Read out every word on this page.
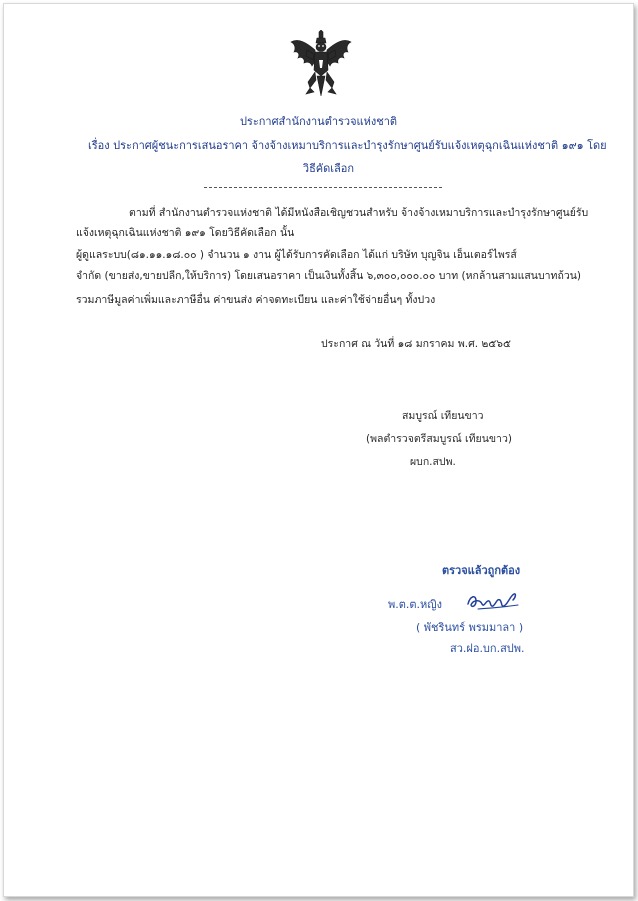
ประกาศสำนักงานตำรวจแห่งชาติ
เรื่อง ประกาศผู้ชนะการเสนอราคา จ้างจ้างเหมาบริการและบำรุงรักษาศูนย์รับแจ้งเหตุฉุกเฉินแห่งชาติ ๑๙๑ โดย
วิธีคัดเลือก
ตามที่ สำนักงานตำรวจแห่งชาติ ได้มีหนังสือเชิญชวนสำหรับ จ้างจ้างเหมาบริการและบำรุงรักษาศูนย์รับ
แจ้งเหตุฉุกเฉินแห่งชาติ ๑๙๑ โดยวิธีคัดเลือก นั้น
ผู้ดูแลระบบ(๘๑.๑๑.๑๘.๐๐ ) จำนวน ๑ งาน ผู้ได้รับการคัดเลือก ได้แก่ บริษัท บุญจิน เอ็นเตอร์ไพรส์
จำกัด (ขายส่ง,ขายปลีก,ให้บริการ) โดยเสนอราคา เป็นเงินทั้งสิ้น ๖,๓๐๐,๐๐๐.๐๐ บาท (หกล้านสามแสนบาทถ้วน)
รวมภาษีมูลค่าเพิ่มและภาษีอื่น ค่าขนส่ง ค่าจดทะเบียน และค่าใช้จ่ายอื่นๆ ทั้งปวง
ประกาศ ณ วันที่ ๑๘ มกราคม พ.ศ. ๒๕๖๕
สมบูรณ์ เทียนขาว
(พลตำรวจตรีสมบูรณ์ เทียนขาว)
ผบก.สปพ.
ตรวจแล้วถูกต้อง
พ.ต.ต.หญิง
( พัชรินทร์ พรมมาลา )
สว.ฝอ.บก.สปพ.
